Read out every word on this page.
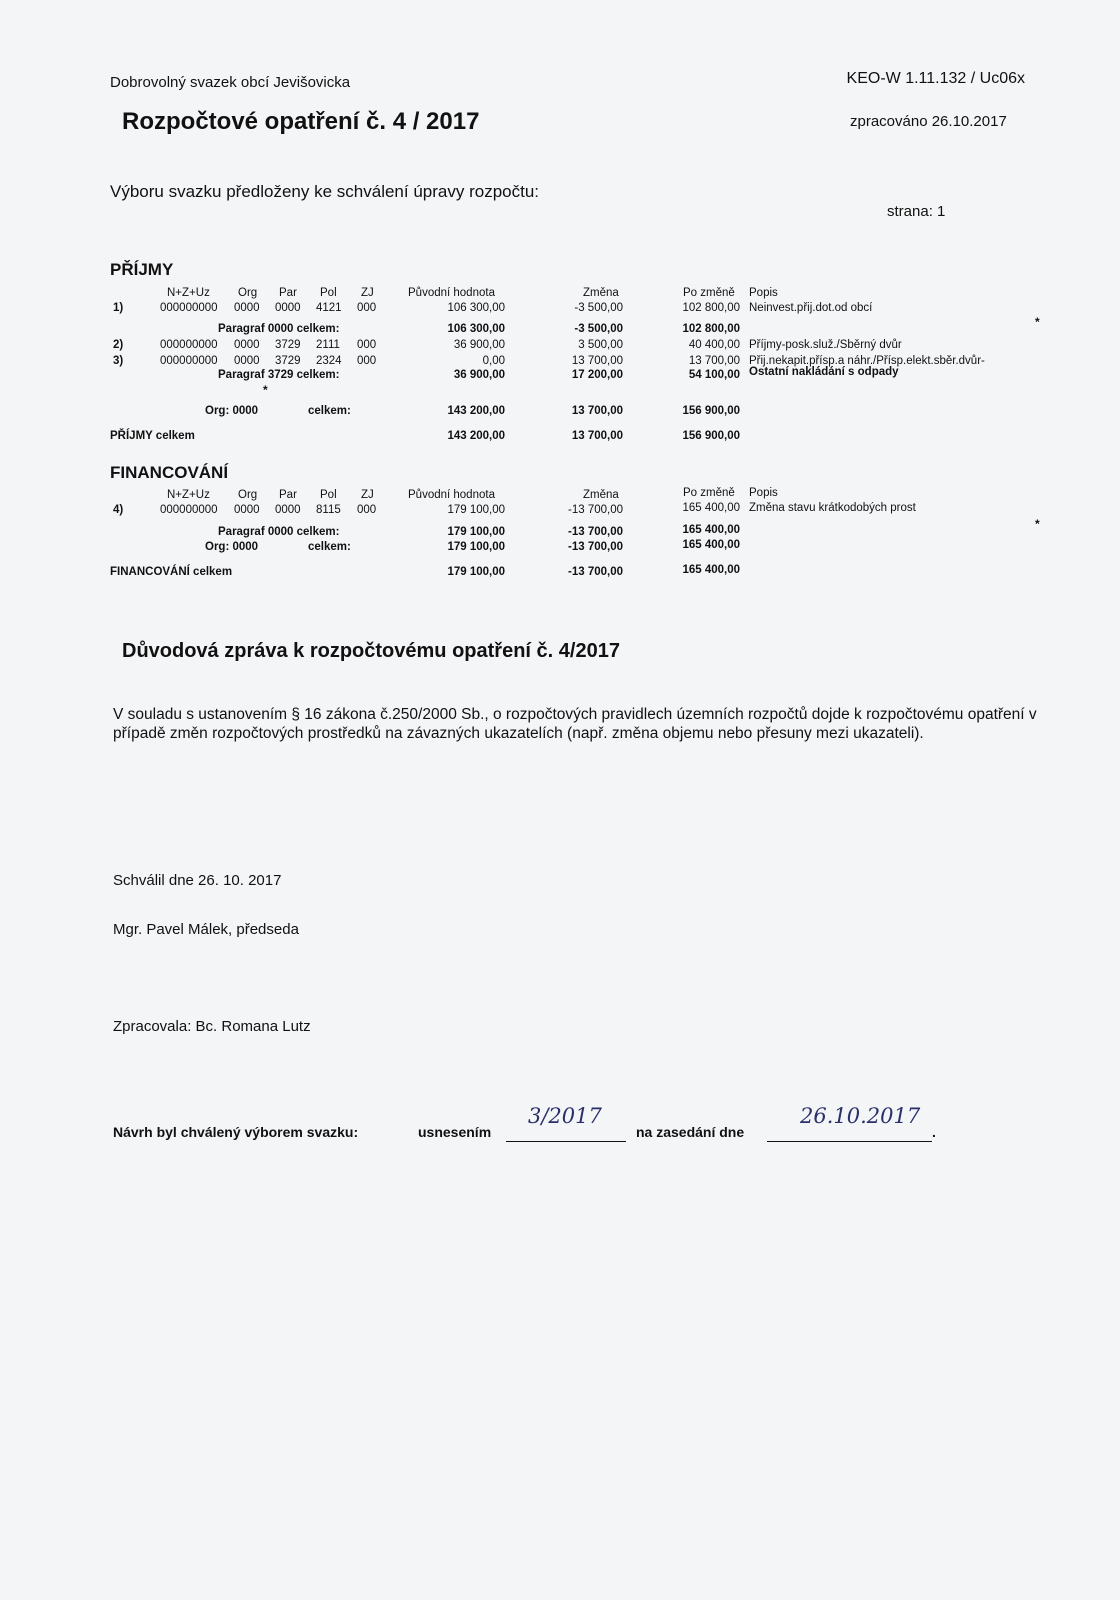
Dobrovolný svazek obcí Jevišovicka	KEO-W 1.11.132 / Uc06x
Rozpočtové opatření č. 4 / 2017	zpracováno 26.10.2017
Výboru svazku předloženy ke schválení úpravy rozpočtu:
strana: 1
PŘÍJMY
N+Z+Uz Org Par Pol ZJ	Původní hodnota	Změna	Po změně Popis
1)	000000000 0000 0000 4121 000	106 300,00	-3 500,00	102 800,00 Neinvest.přij.dot.od obcí
*
Paragraf 0000 celkem:	106 300,00	-3 500,00	102 800,00
2)	000000000 0000 3729 2111 000	36 900,00	3 500,00	40 400,00 Příjmy-posk.služ./Sběrný dvůr
3)	000000000 0000 3729 2324 000	0,00	13 700,00	13 700,00 Přij.nekapit.přísp.a náhr./Přísp.elekt.sběr.dvůr-
Paragraf 3729 celkem:	36 900,00	17 200,00	54 100,00 Ostatní nakládání s odpady
*
Org: 0000	celkem:	143 200,00	13 700,00	156 900,00
PŘÍJMY celkem	143 200,00	13 700,00	156 900,00
FINANCOVÁNÍ
N+Z+Uz Org Par Pol ZJ	Původní hodnota	Změna	Po změně Popis
4)	000000000 0000 0000 8115 000	179 100,00	-13 700,00	165 400,00 Změna stavu krátkodobých prost
*
Paragraf 0000 celkem:	179 100,00	-13 700,00	165 400,00
Org: 0000	celkem:	179 100,00	-13 700,00	165 400,00
FINANCOVÁNÍ celkem	179 100,00	-13 700,00	165 400,00
Důvodová zpráva k rozpočtovému opatření č. 4/2017
V souladu s ustanovením § 16 zákona č.250/2000 Sb., o rozpočtových pravidlech územních rozpočtů dojde k rozpočtovému opatření v případě změn rozpočtových prostředků na závazných ukazatelích (např. změna objemu nebo přesuny mezi ukazateli).
Schválil dne 26. 10. 2017
Mgr. Pavel Málek, předseda
Zpracovala: Bc. Romana Lutz
Návrh byl chválený výborem svazku:	usnesením
3/2017
na zasedání dne
26.10.2017
.
